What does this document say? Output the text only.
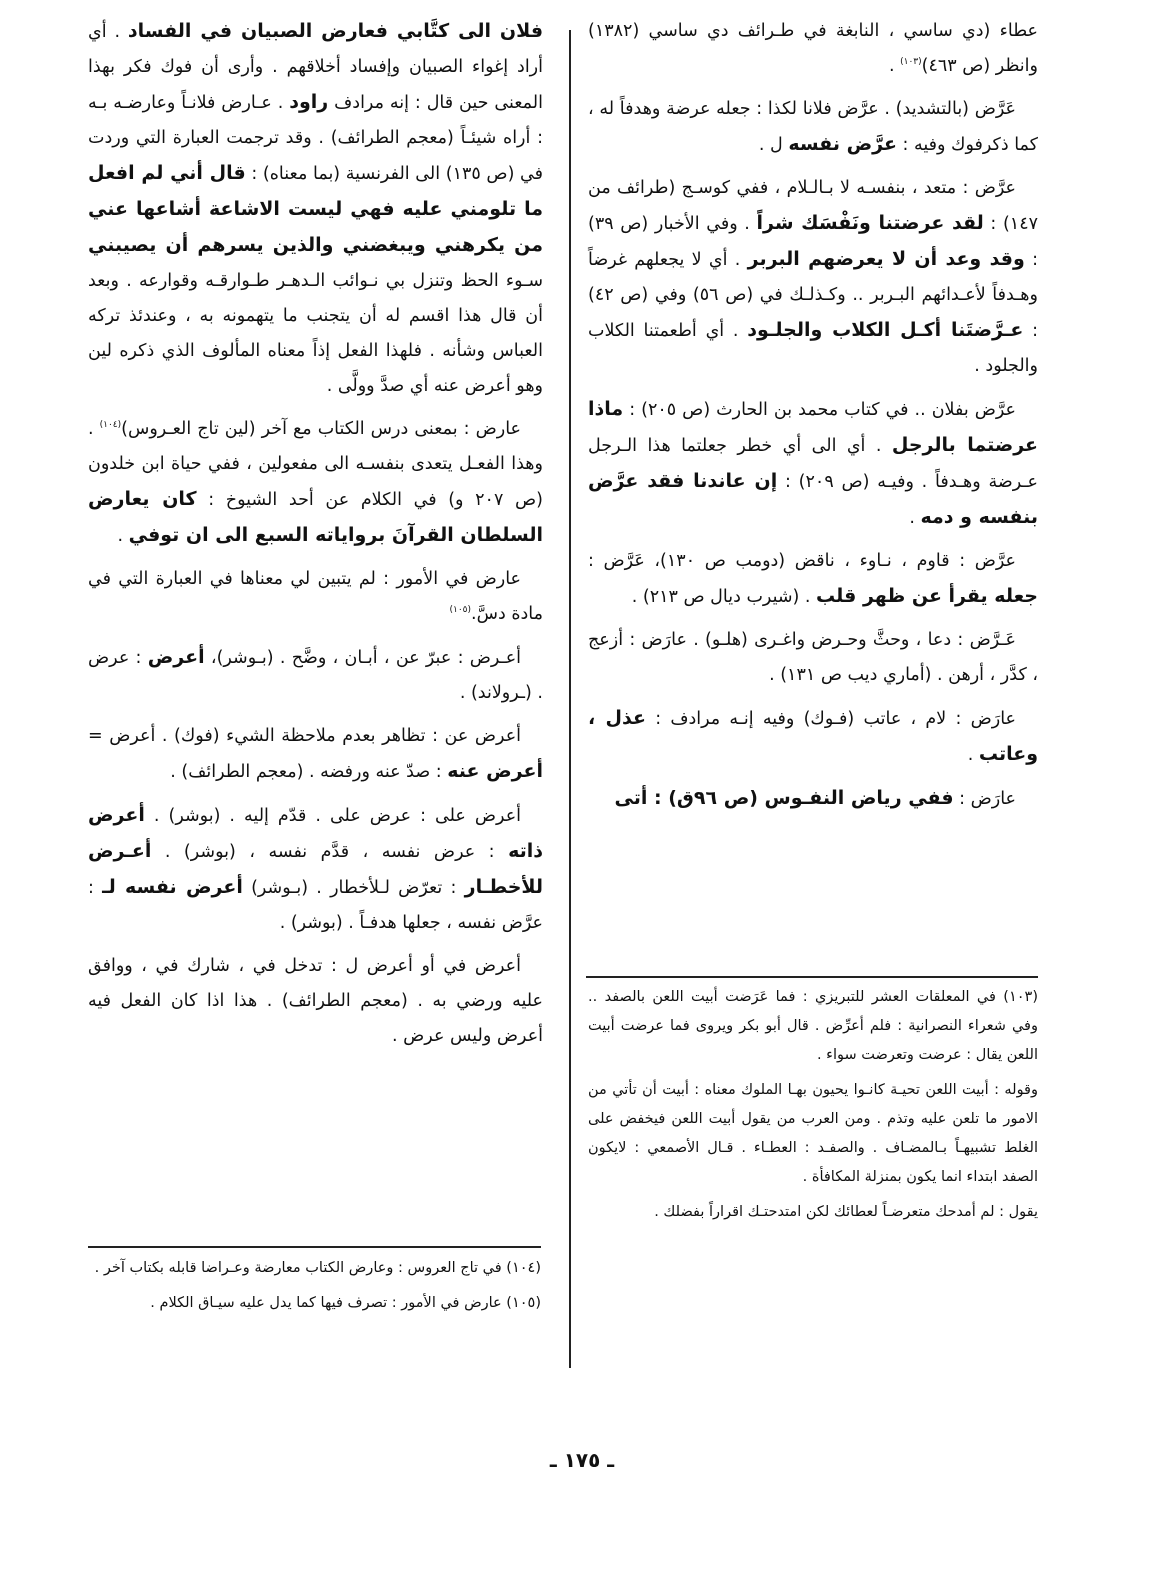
عطاء (دي ساسي ، النابغة في طـرائف دي ساسي (١٣٨٢) وانظر (ص ٤٦٣)$^{(١٠٣)}$ .

عَرَّض (بالتشديد) . عرَّض فلانا لكذا : جعله عرضة وهدفاً له ، كما ذكرفوك وفيه : عرَّض نفسه ل .

عرَّض : متعد ، بنفسـه لا بـالـلام ، ففي كوسـج (طرائف من ١٤٧) : لقد عرضتنا ونَفْسَك شراً . وفي الأخبار (ص ٣٩) : وقد وعد أن لا يعرضهم البربر . أي لا يجعلهم غرضاً وهـدفاً لأعـدائهم البـربر .. وكـذلـك في (ص ٥٦) وفي (ص ٤٢) : عـرَّضتَنا أكـل الكلاب والجلـود . أي أطعمتنا الكلاب والجلود .

عرَّض بفلان .. في كتاب محمد بن الحارث (ص ٢٠٥) : ماذا عرضتما بالرجل . أي الى أي خطر جعلتما هذا الـرجل عـرضة وهـدفاً . وفيـه (ص ٢٠٩) : إن عاندنا فقد عرَّض بنفسه و دمه .

عرَّض : قاوم ، نـاوء ، ناقض (دومب ص ١٣٠)، عَرَّض : جعله يقرأ عن ظهر قلب . (شيرب ديال ص ٢١٣) .

عَـرَّض : دعا ، وحثَّ وحـرض واغـرى (هلـو) . عارَض : أزعج ، كدَّر ، أرهن . (أماري ديب ص ١٣١) .

عارَض : لام ، عاتب (فـوك) وفيه إنـه مرادف : عذل ، وعاتب .

عارَض : ففي رياض النفـوس (ص ٩٦ق) : أتى

فلان الى كتَّابي فعارض الصبيان في الفساد . أي أراد إغواء الصبيان وإفساد أخلاقهم . وأرى أن فوك فكر بهذا المعنى حين قال : إنه مرادف راود . عـارض فلانـاً وعارضـه بـه : أراه شيئـاً (معجم الطرائف) . وقد ترجمت العبارة التي وردت في (ص ١٣٥) الى الفرنسية (بما معناه) : قال أني لم افعل ما تلومني عليه فهي ليست الاشاعة أشاعها عني من يكرهني ويبغضني والذين يسرهم أن يصيبني سـوء الحظ وتنزل بي نـوائب الـدهـر طـوارقـه وقوارعه . وبعد أن قال هذا اقسم له أن يتجنب ما يتهمونه به ، وعندئذ تركه العباس وشأنه . فلهذا الفعل إذاً معناه المألوف الذي ذكره لين وهو أعرض عنه أي صدَّ وولَّى .

عارض : بمعنى درس الكتاب مع آخر (لين تاج العـروس)$^{(١٠٤)}$ . وهذا الفعـل يتعدى بنفسـه الى مفعولين ، ففي حياة ابن خلدون (ص ٢٠٧ و) في الكلام عن أحد الشيوخ : كان يعارض السلطان القرآنَ برواياته السبع الى ان توفي .

عارض في الأمور : لم يتبين لي معناها في العبارة التي في مادة دسَّ.$^{(١٠٥)}$

أعـرض : عبرّ عن ، أبـان ، وضَّح . (بـوشر)، أعرض : عرض . (ـرولاند) .

أعرض عن : تظاهر بعدم ملاحظة الشيء (فوك) . أعرض = أعرض عنه : صدّ عنه ورفضه . (معجم الطرائف) .

أعرض على : عرض على . قدّم إليه . (بوشر) . أعرض ذاته : عرض نفسه ، قدَّم نفسه ، (بوشر) . أعـرض للأخطـار : تعرّض لـلأخطار . (بـوشر) أعرض نفسه لـ : عرَّض نفسه ، جعلها هدفـاً . (بوشر) .

أعرض في أو أعرض ل : تدخل في ، شارك في ، ووافق عليه ورضي به . (معجم الطرائف) . هذا اذا كان الفعل فيه أعرض وليس عرض .

(١٠٣) في المعلقات العشر للتبريزي : فما عَرَضت أبيت اللعن بالصفد .. وفي شعراء النصرانية : فلم أعرِّض . قال أبو بكر ويروى فما عرضت أبيت اللعن يقال : عرضت وتعرضت سواء .

وقوله : أبيت اللعن تحيـة كانـوا يحيون بهـا الملوك معناه : أبيت أن تأتي من الامور ما تلعن عليه وتذم . ومن العرب من يقول أبيت اللعن فيخفض على الغلط تشبيهـاً بـالمضـاف . والصفـد : العطـاء . قـال الأصمعي : لايكون الصفد ابتداء انما يكون بمنزلة المكافأة .

يقول : لم أمدحك متعرضـاً لعطائك لكن امتدحتـك اقراراً بفضلك .

(١٠٤) في تاج العروس : وعارض الكتاب معارضة وعـراضا قابله بكتاب آخر .

(١٠٥) عارض في الأمور : تصرف فيها كما يدل عليه سيـاق الكلام .

ـ ١٧٥ ـ
